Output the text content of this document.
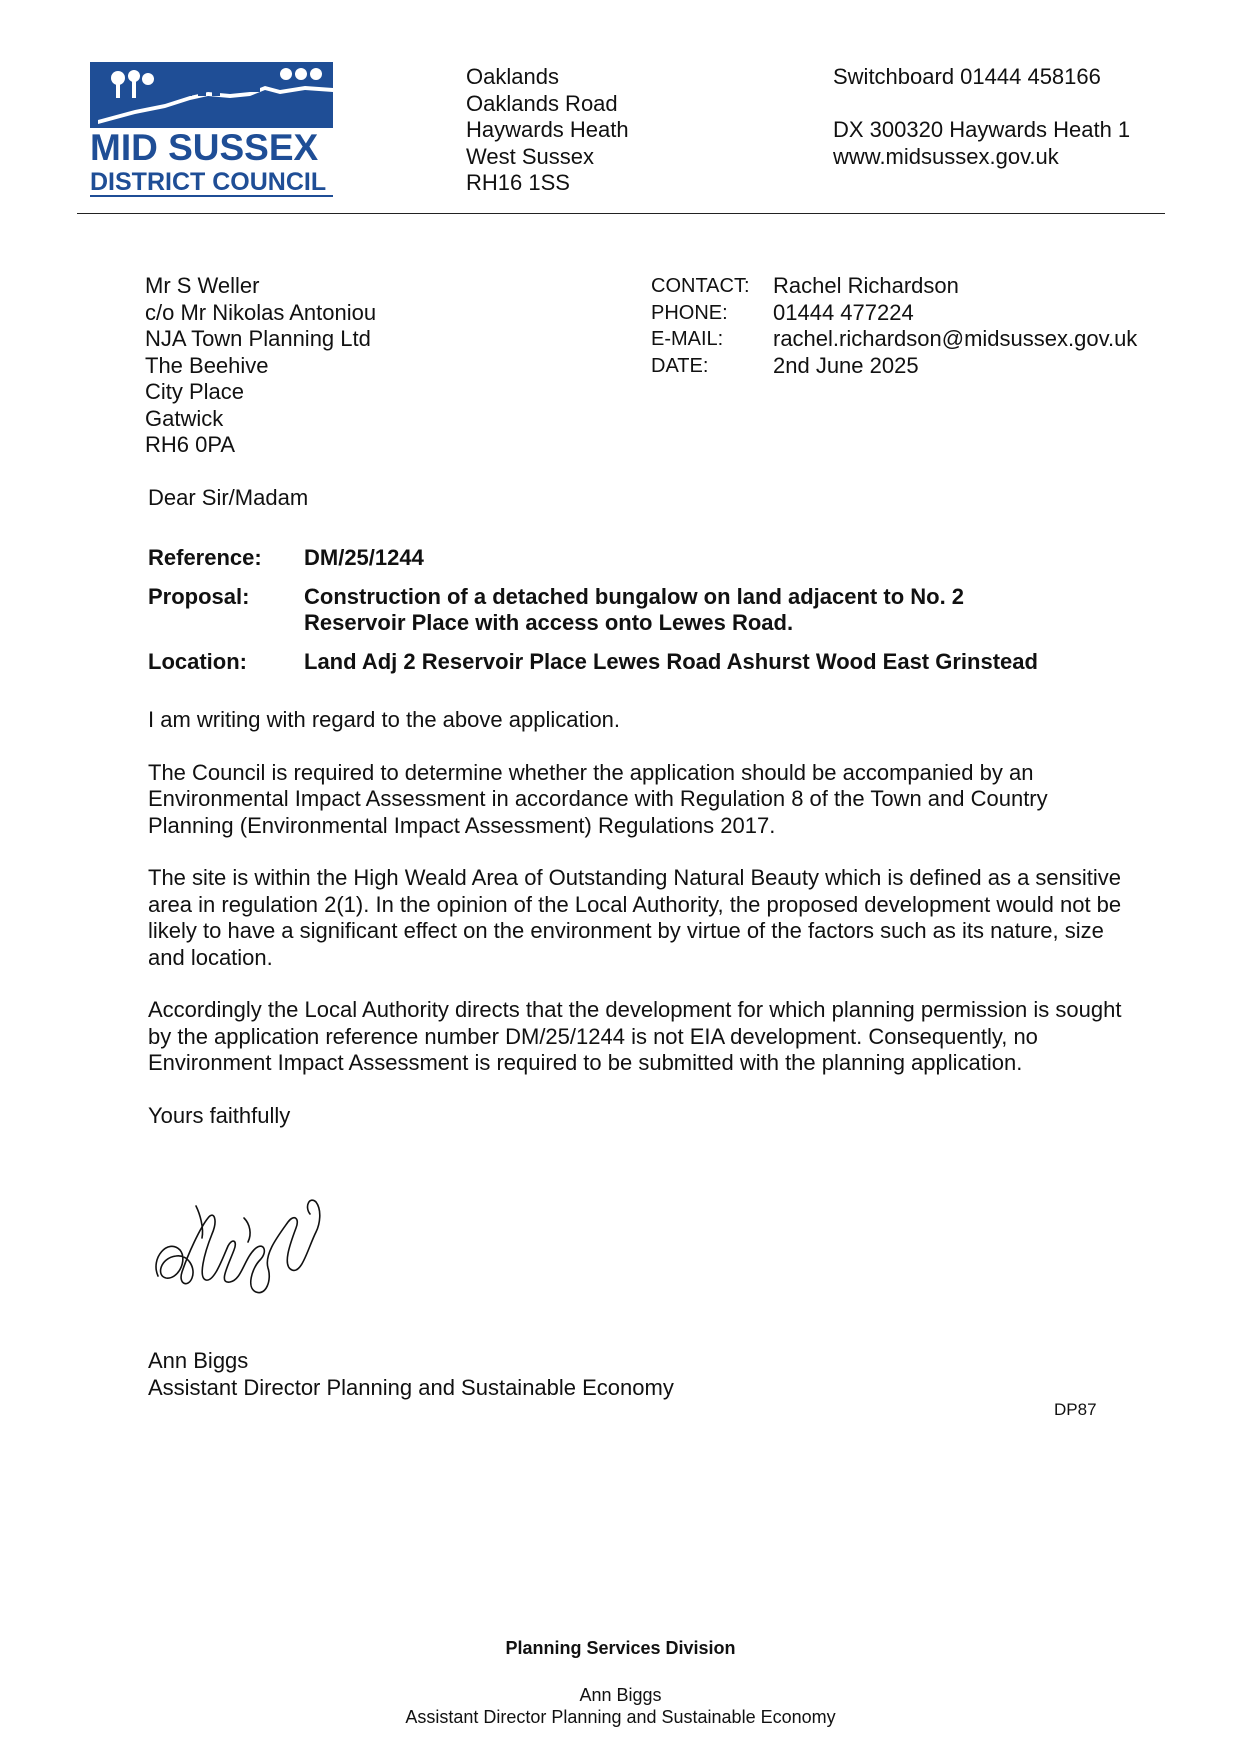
MID SUSSEX
DISTRICT COUNCIL
Oaklands
Oaklands Road
Haywards Heath
West Sussex
RH16 1SS
Switchboard 01444 458166
DX 300320 Haywards Heath 1
www.midsussex.gov.uk
Mr S Weller
c/o Mr Nikolas Antoniou
NJA Town Planning Ltd
The Beehive
City Place
Gatwick
RH6 0PA
CONTACT:	Rachel Richardson
PHONE:	01444 477224
E-MAIL:	rachel.richardson@midsussex.gov.uk
DATE:	2nd June 2025
Dear Sir/Madam
Reference:	DM/25/1244
Proposal:	Construction of a detached bungalow on land adjacent to No. 2 Reservoir Place with access onto Lewes Road.
Location:	Land Adj 2 Reservoir Place Lewes Road Ashurst Wood East Grinstead

I am writing with regard to the above application.

The Council is required to determine whether the application should be accompanied by an Environmental Impact Assessment in accordance with Regulation 8 of the Town and Country Planning (Environmental Impact Assessment) Regulations 2017.

The site is within the High Weald Area of Outstanding Natural Beauty which is defined as a sensitive area in regulation 2(1). In the opinion of the Local Authority, the proposed development would not be likely to have a significant effect on the environment by virtue of the factors such as its nature, size and location.

Accordingly the Local Authority directs that the development for which planning permission is sought by the application reference number DM/25/1244 is not EIA development. Consequently, no Environment Impact Assessment is required to be submitted with the planning application.

Yours faithfully

Ann Biggs
Assistant Director Planning and Sustainable Economy
DP87
Planning Services Division
Ann Biggs
Assistant Director Planning and Sustainable Economy
